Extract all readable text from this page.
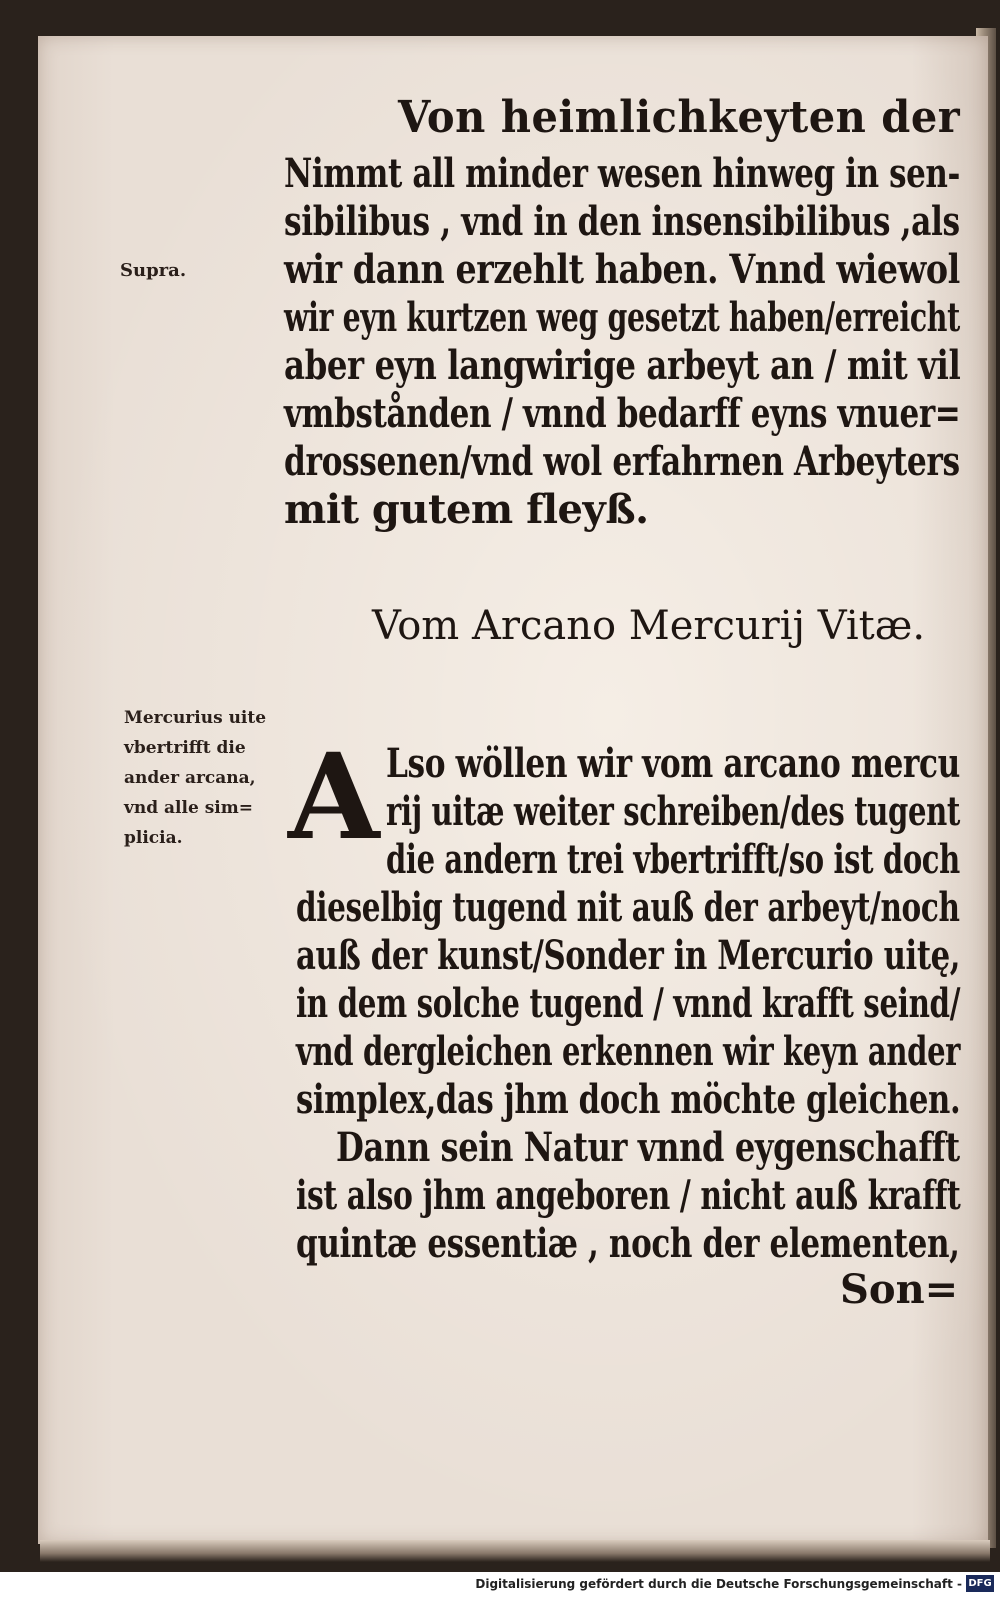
Von heimlichkeyten der
Nimmt all minder wesen hinweg in sen-
sibilibus , vnd in den insensibilibus ,als
wir dann erzehlt haben. Vnnd wiewol
wir eyn kurtzen weg gesetzt haben/erreicht
aber eyn langwirige arbeyt an / mit vil
vmbstånden / vnnd bedarff eyns vnuer=
drossenen/vnd wol erfahrnen Arbeyters
mit gutem fleyß.
Supra.
Mercurius uite
vbertrifft die
ander arcana,
vnd alle sim=
plicia.
Vom Arcano Mercurij Vitæ.
A Lso wöllen wir vom arcano mercu
rij uitæ weiter schreiben/des tugent
die andern trei vbertrifft/so ist doch
dieselbig tugend nit auß der arbeyt/noch
auß der kunst/Sonder in Mercurio uitę,
in dem solche tugend / vnnd krafft seind/
vnd dergleichen erkennen wir keyn ander
simplex,das jhm doch möchte gleichen.
Dann sein Natur vnnd eygenschafft
ist also jhm angeboren / nicht auß krafft
quintæ essentiæ , noch der elementen,
Son=
Digitalisierung gefördert durch die Deutsche Forschungsgemeinschaft - DFG
